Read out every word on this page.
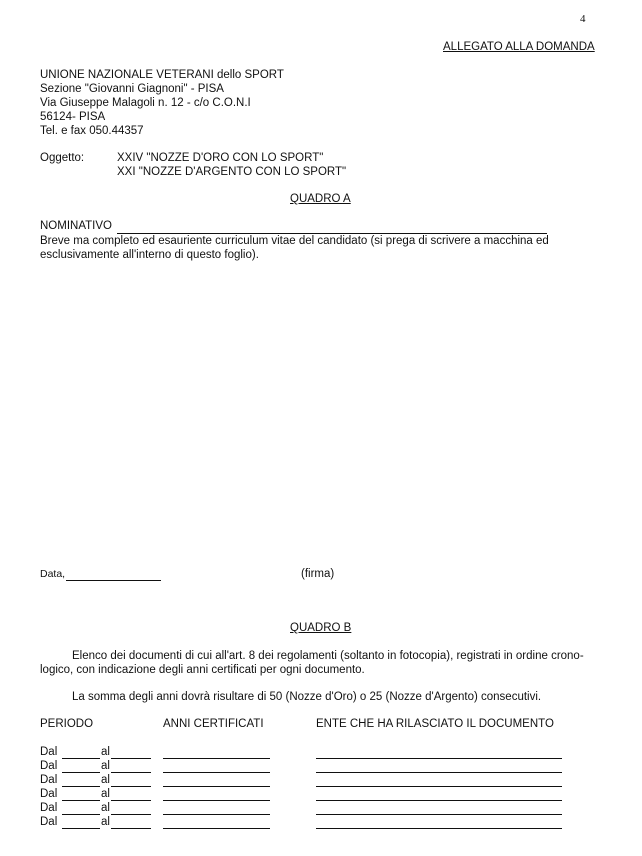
4
ALLEGATO ALLA DOMANDA
UNIONE NAZIONALE VETERANI dello SPORT
Sezione "Giovanni Giagnoni" - PISA
Via Giuseppe Malagoli n. 12 - c/o C.O.N.I
56124- PISA
Tel. e fax 050.44357
Oggetto:	XXIV "NOZZE D'ORO CON LO SPORT"
XXI "NOZZE D'ARGENTO CON LO SPORT"
QUADRO A
NOMINATIVO
Breve ma completo ed esauriente curriculum vitae del candidato (si prega di scrivere a macchina ed
esclusivamente all'interno di questo foglio).
Data,	(firma)
QUADRO B
Elenco dei documenti di cui all'art. 8 dei regolamenti (soltanto in fotocopia), registrati in ordine crono-
logico, con indicazione degli anni certificati per ogni documento.
La somma degli anni dovrà risultare di 50 (Nozze d'Oro) o 25 (Nozze d'Argento) consecutivi.
PERIODO	ANNI CERTIFICATI	ENTE CHE HA RILASCIATO IL DOCUMENTO
Dal	al
Dal	al
Dal	al
Dal	al
Dal	al
Dal	al
